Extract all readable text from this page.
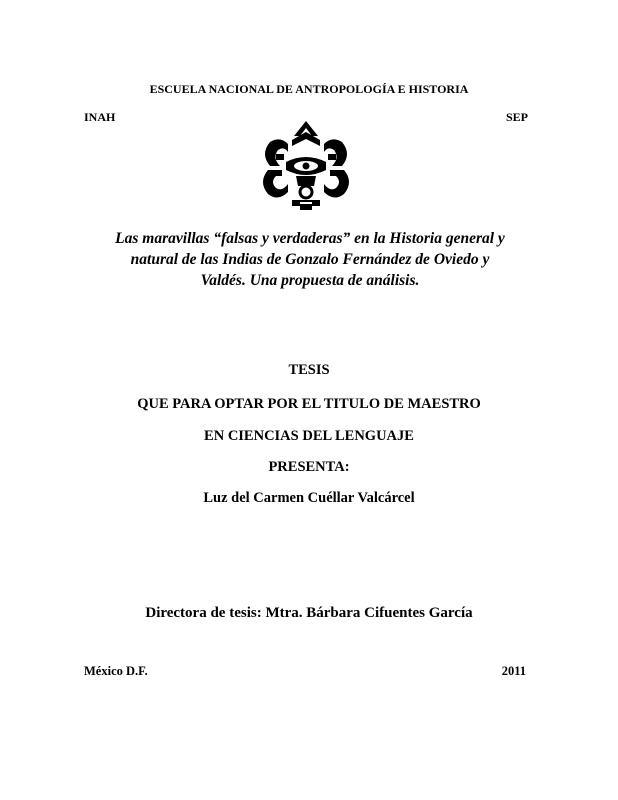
ESCUELA NACIONAL DE ANTROPOLOGÍA E HISTORIA
INAH	SEP
Las maravillas “falsas y verdaderas” en la Historia general y
natural de las Indias de Gonzalo Fernández de Oviedo y
Valdés. Una propuesta de análisis.
TESIS
QUE PARA OPTAR POR EL TITULO DE MAESTRO
EN CIENCIAS DEL LENGUAJE
PRESENTA:
Luz del Carmen Cuéllar Valcárcel
Directora de tesis: Mtra. Bárbara Cifuentes García
México D.F.	2011
